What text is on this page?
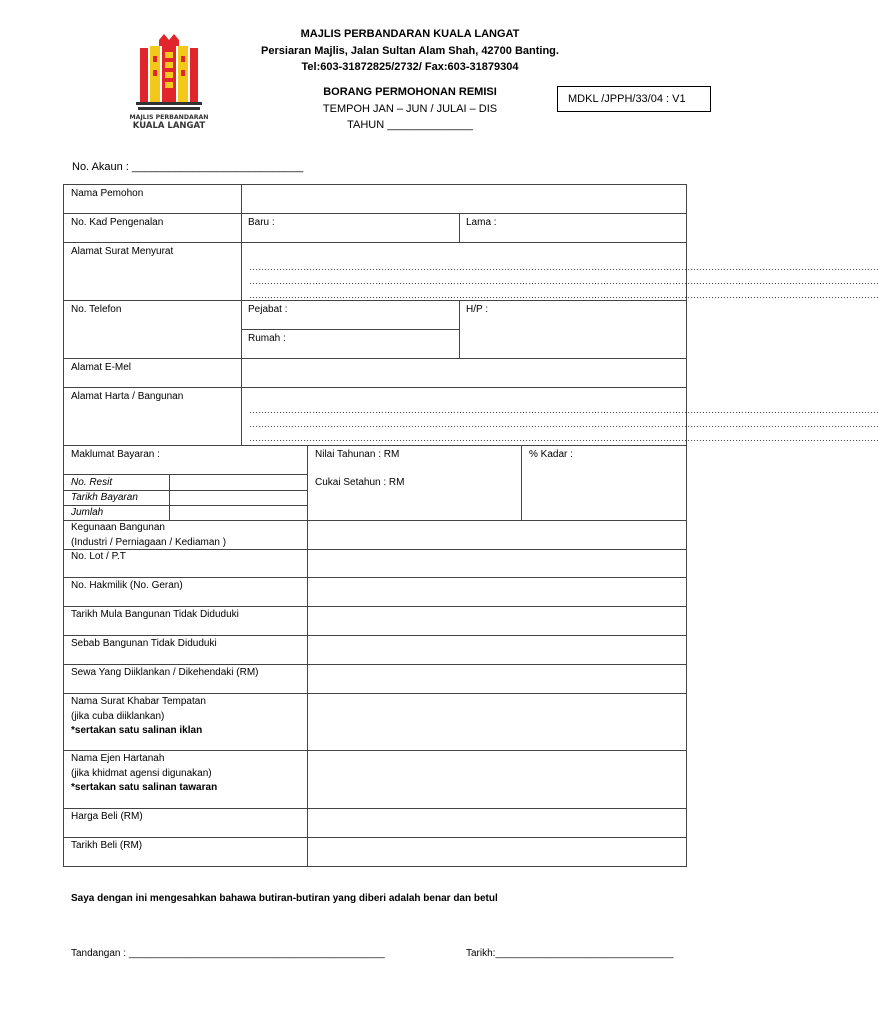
MAJLIS PERBANDARAN
KUALA LANGAT
MAJLIS PERBANDARAN KUALA LANGAT
Persiaran Majlis, Jalan Sultan Alam Shah, 42700 Banting.
Tel:603-31872825/2732/ Fax:603-31879304
BORANG PERMOHONAN REMISI
TEMPOH JAN – JUN / JULAI – DIS
TAHUN ______________
MDKL /JPPH/33/04 : V1
No. Akaun : ____________________________
Nama Pemohon
No. Kad Pengenalan	Baru :	Lama :
Alamat Surat Menyurat
…………………………………………………………………………………………………………………………………………………………………………………………
…………………………………………………………………………………………………………………………………………………………………………………………
…………………………………………………………………………………………………………………………………………………………………………………………
No. Telefon	Pejabat :	H/P :
Rumah :
Alamat E-Mel
Alamat Harta / Bangunan
…………………………………………………………………………………………………………………………………………………………………………………………
…………………………………………………………………………………………………………………………………………………………………………………………
…………………………………………………………………………………………………………………………………………………………………………………………
Maklumat Bayaran :	Nilai Tahunan : RM	% Kadar :
Cukai Setahun : RM
No. Resit
Tarikh Bayaran
Jumlah
Kegunaan Bangunan
(Industri / Perniagaan / Kediaman )
No. Lot / P.T
No. Hakmilik (No. Geran)
Tarikh Mula Bangunan Tidak Diduduki
Sebab Bangunan Tidak Diduduki
Sewa Yang Diiklankan / Dikehendaki (RM)
Nama Surat Khabar Tempatan
(jika cuba diiklankan)
*sertakan satu salinan iklan
Nama Ejen Hartanah
(jika khidmat agensi digunakan)
*sertakan satu salinan tawaran
Harga Beli (RM)
Tarikh Beli (RM)
Saya dengan ini mengesahkan bahawa butiran-butiran yang diberi adalah benar dan betul
Tandangan : ______________________________________________	Tarikh:________________________________
